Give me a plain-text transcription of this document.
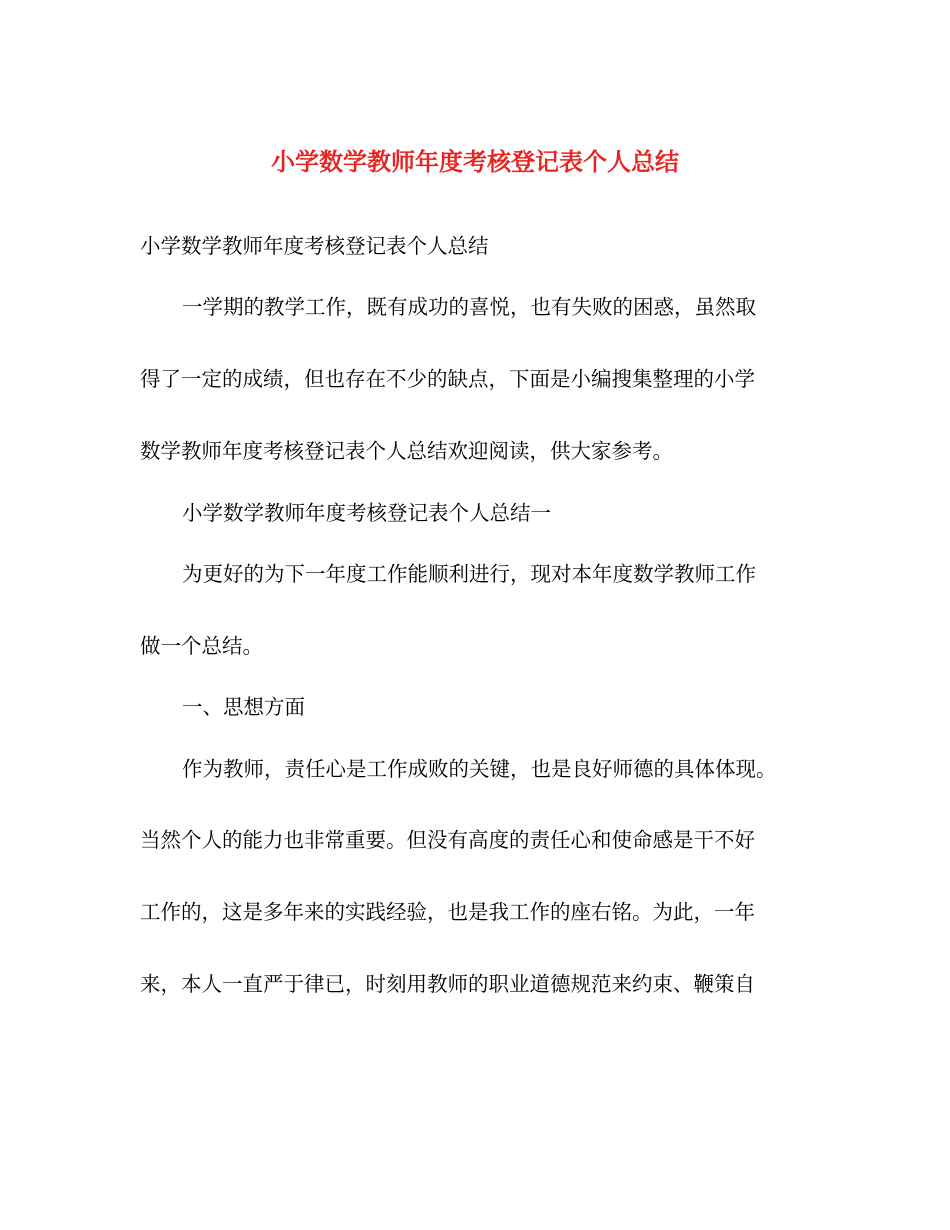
小学数学教师年度考核登记表个人总结
小学数学教师年度考核登记表个人总结
一学期的教学工作，既有成功的喜悦，也有失败的困惑，虽然取
得了一定的成绩，但也存在不少的缺点，下面是小编搜集整理的小学
数学教师年度考核登记表个人总结欢迎阅读，供大家参考。
小学数学教师年度考核登记表个人总结一
为更好的为下一年度工作能顺利进行，现对本年度数学教师工作
做一个总结。
一、思想方面
作为教师，责任心是工作成败的关键，也是良好师德的具体体现。
当然个人的能力也非常重要。但没有高度的责任心和使命感是干不好
工作的，这是多年来的实践经验，也是我工作的座右铭。为此，一年
来，本人一直严于律已，时刻用教师的职业道德规范来约束、鞭策自
